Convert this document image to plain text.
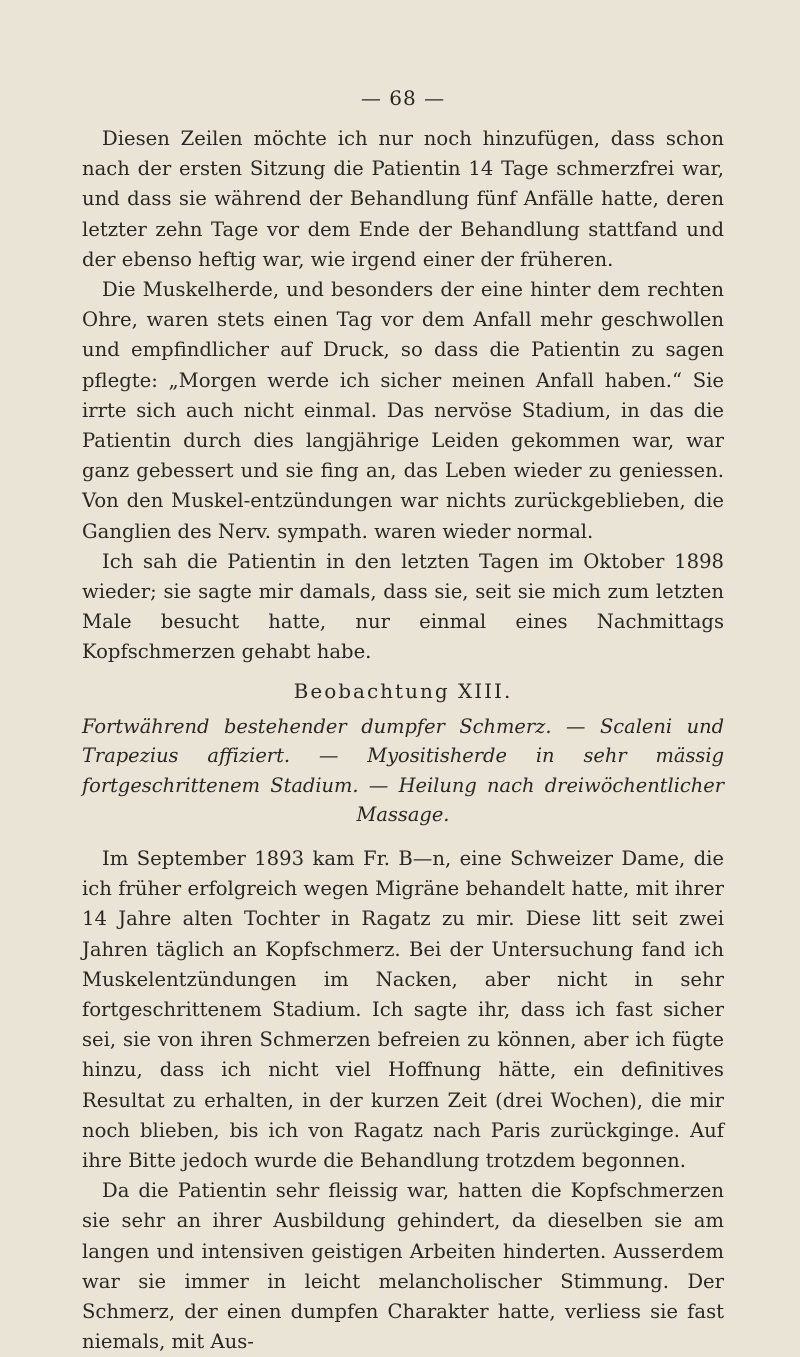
— 68 —

Diesen Zeilen möchte ich nur noch hinzufügen, dass schon nach der ersten Sitzung die Patientin 14 Tage schmerzfrei war, und dass sie während der Behandlung fünf Anfälle hatte, deren letzter zehn Tage vor dem Ende der Behandlung stattfand und der ebenso heftig war, wie irgend einer der früheren.

Die Muskelherde, und besonders der eine hinter dem rechten Ohre, waren stets einen Tag vor dem Anfall mehr geschwollen und empfindlicher auf Druck, so dass die Patientin zu sagen pflegte: „Morgen werde ich sicher meinen Anfall haben.“ Sie irrte sich auch nicht einmal. Das nervöse Stadium, in das die Patientin durch dies langjährige Leiden gekommen war, war ganz gebessert und sie fing an, das Leben wieder zu geniessen. Von den Muskel-entzündungen war nichts zurückgeblieben, die Ganglien des Nerv. sympath. waren wieder normal.

Ich sah die Patientin in den letzten Tagen im Oktober 1898 wieder; sie sagte mir damals, dass sie, seit sie mich zum letzten Male besucht hatte, nur einmal eines Nachmittags Kopfschmerzen gehabt habe.

Beobachtung XIII.

Fortwährend bestehender dumpfer Schmerz. — Scaleni und Trapezius affiziert. — Myositisherde in sehr mässig fortgeschrittenem Stadium. — Heilung nach dreiwöchentlicher Massage.

Im September 1893 kam Fr. B—n, eine Schweizer Dame, die ich früher erfolgreich wegen Migräne behandelt hatte, mit ihrer 14 Jahre alten Tochter in Ragatz zu mir. Diese litt seit zwei Jahren täglich an Kopfschmerz. Bei der Untersuchung fand ich Muskelentzündungen im Nacken, aber nicht in sehr fortgeschrittenem Stadium. Ich sagte ihr, dass ich fast sicher sei, sie von ihren Schmerzen befreien zu können, aber ich fügte hinzu, dass ich nicht viel Hoffnung hätte, ein definitives Resultat zu erhalten, in der kurzen Zeit (drei Wochen), die mir noch blieben, bis ich von Ragatz nach Paris zurückginge. Auf ihre Bitte jedoch wurde die Behandlung trotzdem begonnen.

Da die Patientin sehr fleissig war, hatten die Kopfschmerzen sie sehr an ihrer Ausbildung gehindert, da dieselben sie am langen und intensiven geistigen Arbeiten hinderten. Ausserdem war sie immer in leicht melancholischer Stimmung. Der Schmerz, der einen dumpfen Charakter hatte, verliess sie fast niemals, mit Aus-
